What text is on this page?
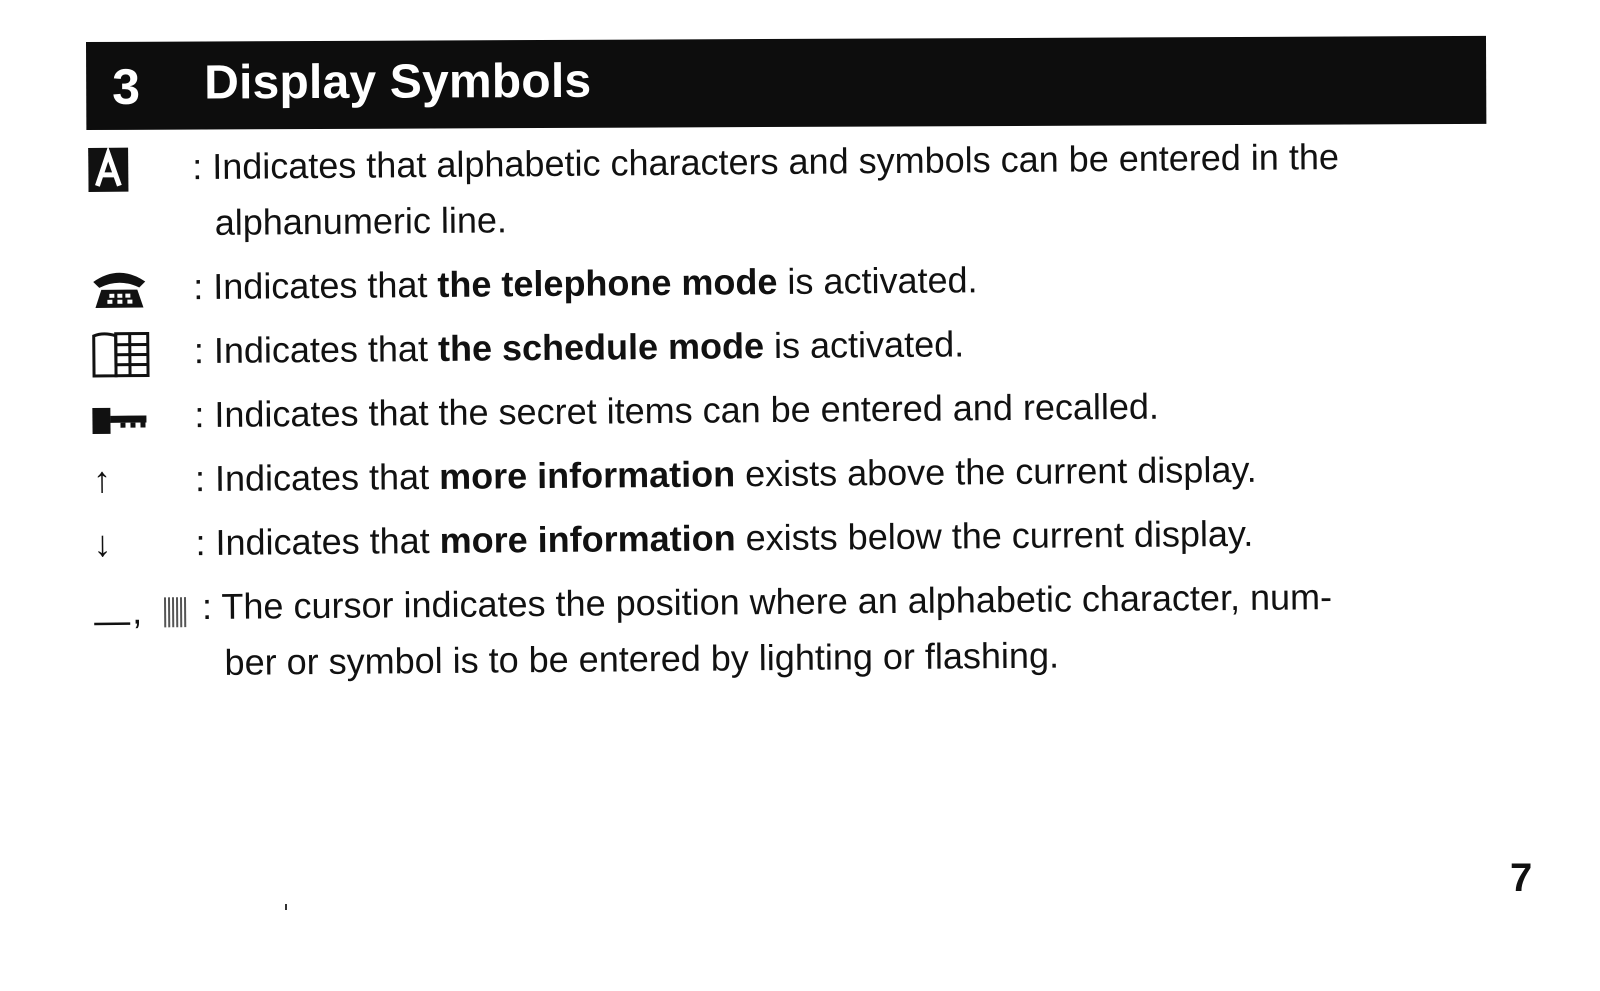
3 Display Symbols
: Indicates that alphabetic characters and symbols can be entered in the
alphanumeric line.
: Indicates that the telephone mode is activated.
: Indicates that the schedule mode is activated.
: Indicates that the secret items can be entered and recalled.
↑	: Indicates that more information exists above the current display.
↓	: Indicates that more information exists below the current display.
, : The cursor indicates the position where an alphabetic character, num-
ber or symbol is to be entered by lighting or flashing.
7
